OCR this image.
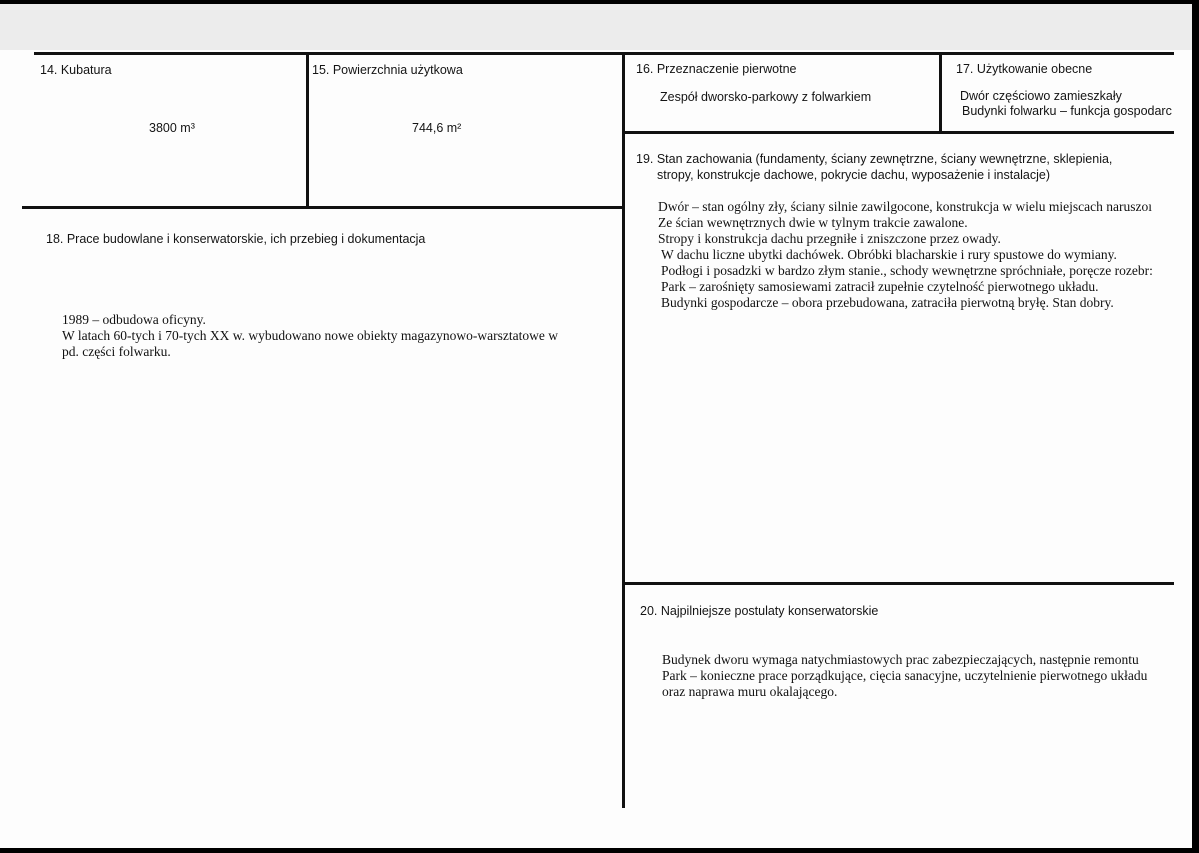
14. Kubatura
3800 m³
15. Powierzchnia użytkowa
744,6 m²
16. Przeznaczenie pierwotne
Zespół dworsko-parkowy z folwarkiem
17. Użytkowanie obecne
Dwór częściowo zamieszkały
Budynki folwarku – funkcja gospodarc
18. Prace budowlane i konserwatorskie, ich przebieg i dokumentacja
1989 – odbudowa oficyny.
W latach 60-tych i 70-tych XX w. wybudowano nowe obiekty magazynowo-warsztatowe w
pd. części folwarku.
19. Stan zachowania (fundamenty, ściany zewnętrzne, ściany wewnętrzne, sklepienia,
stropy, konstrukcje dachowe, pokrycie dachu, wyposażenie i instalacje)
Dwór – stan ogólny zły, ściany silnie zawilgocone, konstrukcja w wielu miejscach naruszoı
Ze ścian wewnętrznych dwie w tylnym trakcie zawalone.
Stropy i konstrukcja dachu przegniłe i zniszczone przez owady.
W dachu liczne ubytki dachówek. Obróbki blacharskie i rury spustowe do wymiany.
Podłogi i posadzki w bardzo złym stanie., schody wewnętrzne spróchniałe, poręcze rozebr:
Park – zarośnięty samosiewami zatracił zupełnie czytelność pierwotnego układu.
Budynki gospodarcze – obora przebudowana, zatraciła pierwotną bryłę. Stan dobry.
20. Najpilniejsze postulaty konserwatorskie
Budynek dworu wymaga natychmiastowych prac zabezpieczających, następnie remontu
Park – konieczne prace porządkujące, cięcia sanacyjne, uczytelnienie pierwotnego układu
oraz naprawa muru okalającego.
